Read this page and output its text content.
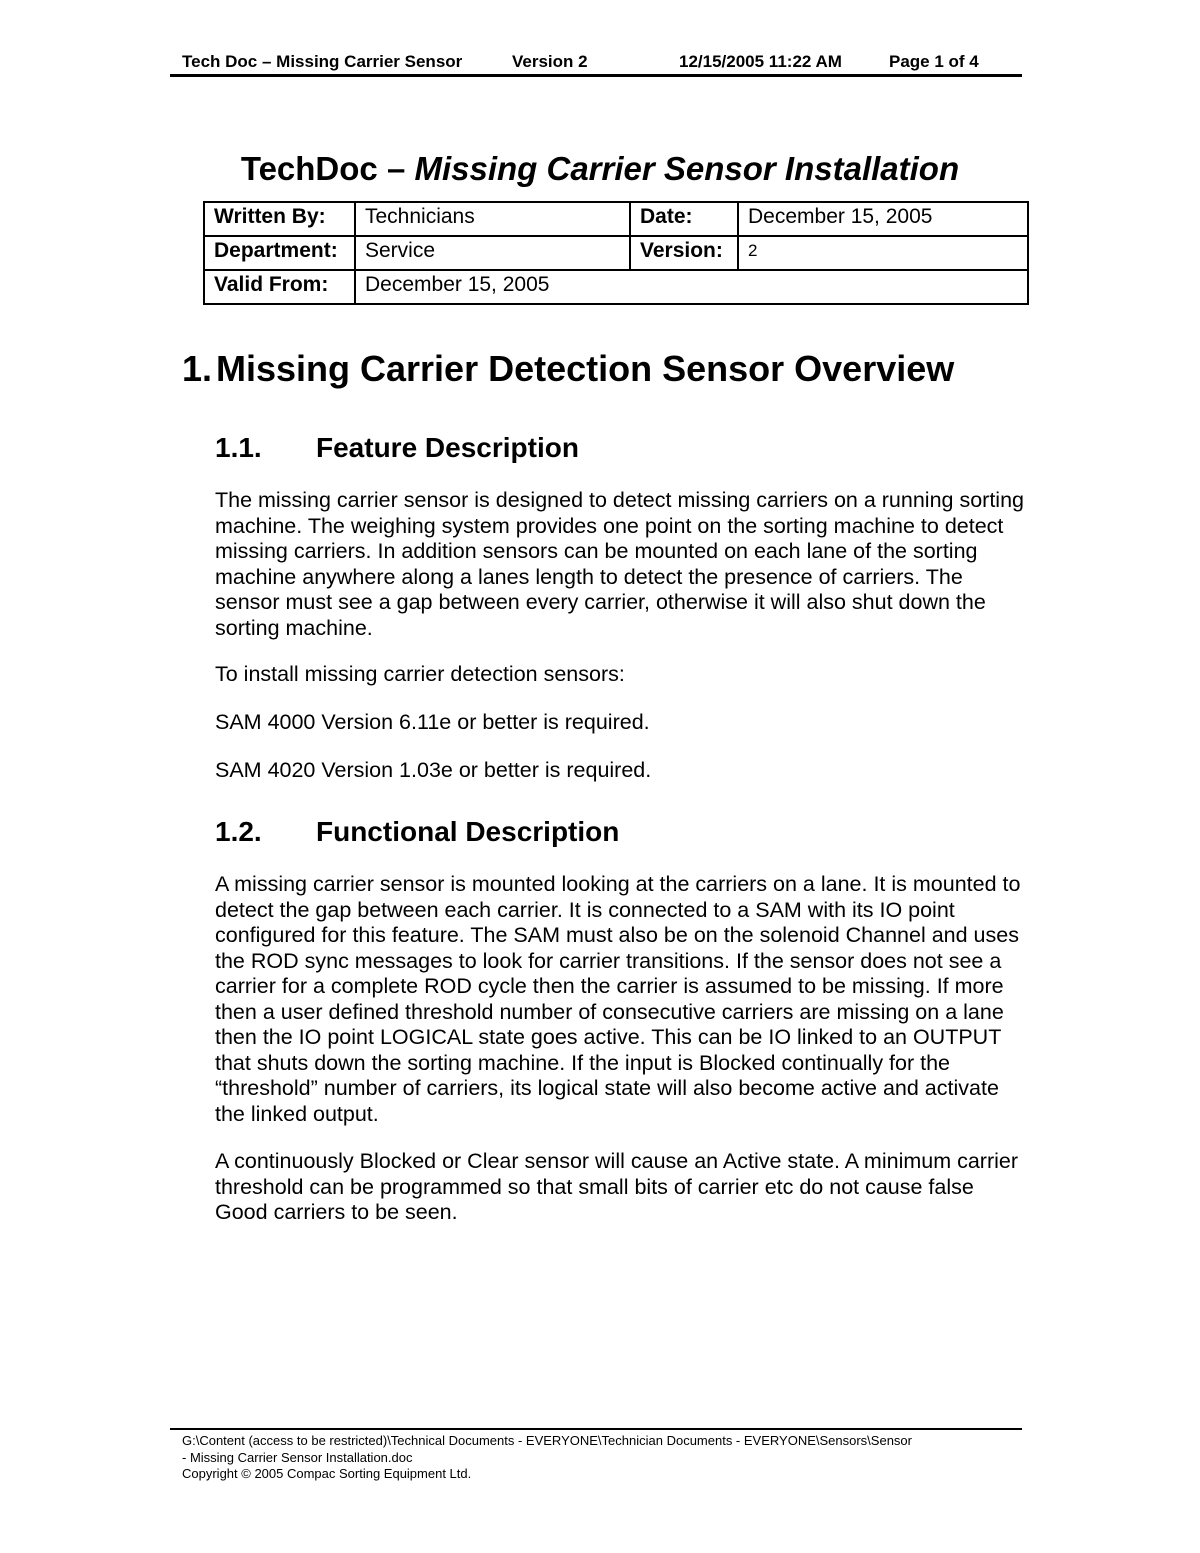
Tech Doc – Missing Carrier Sensor	Version 2	12/15/2005 11:22 AM	Page 1 of 4
TechDoc – Missing Carrier Sensor Installation
Written By:	Technicians	Date:	December 15, 2005
Department:	Service	Version:	2
Valid From:	December 15, 2005		
1. Missing Carrier Detection Sensor Overview
1.1. Feature Description

The missing carrier sensor is designed to detect missing carriers on a running sorting machine. The weighing system provides one point on the sorting machine to detect missing carriers. In addition sensors can be mounted on each lane of the sorting machine anywhere along a lanes length to detect the presence of carriers. The sensor must see a gap between every carrier, otherwise it will also shut down the sorting machine.

To install missing carrier detection sensors:

SAM 4000 Version 6.11e or better is required.

SAM 4020 Version 1.03e or better is required.

1.2. Functional Description

A missing carrier sensor is mounted looking at the carriers on a lane. It is mounted to detect the gap between each carrier. It is connected to a SAM with its IO point configured for this feature. The SAM must also be on the solenoid Channel and uses the ROD sync messages to look for carrier transitions. If the sensor does not see a carrier for a complete ROD cycle then the carrier is assumed to be missing. If more then a user defined threshold number of consecutive carriers are missing on a lane then the IO point LOGICAL state goes active. This can be IO linked to an OUTPUT that shuts down the sorting machine. If the input is Blocked continually for the “threshold” number of carriers, its logical state will also become active and activate the linked output.

A continuously Blocked or Clear sensor will cause an Active state. A minimum carrier threshold can be programmed so that small bits of carrier etc do not cause false Good carriers to be seen.

G:\Content (access to be restricted)\Technical Documents - EVERYONE\Technician Documents - EVERYONE\Sensors\Sensor
- Missing Carrier Sensor Installation.doc
Copyright © 2005 Compac Sorting Equipment Ltd.
